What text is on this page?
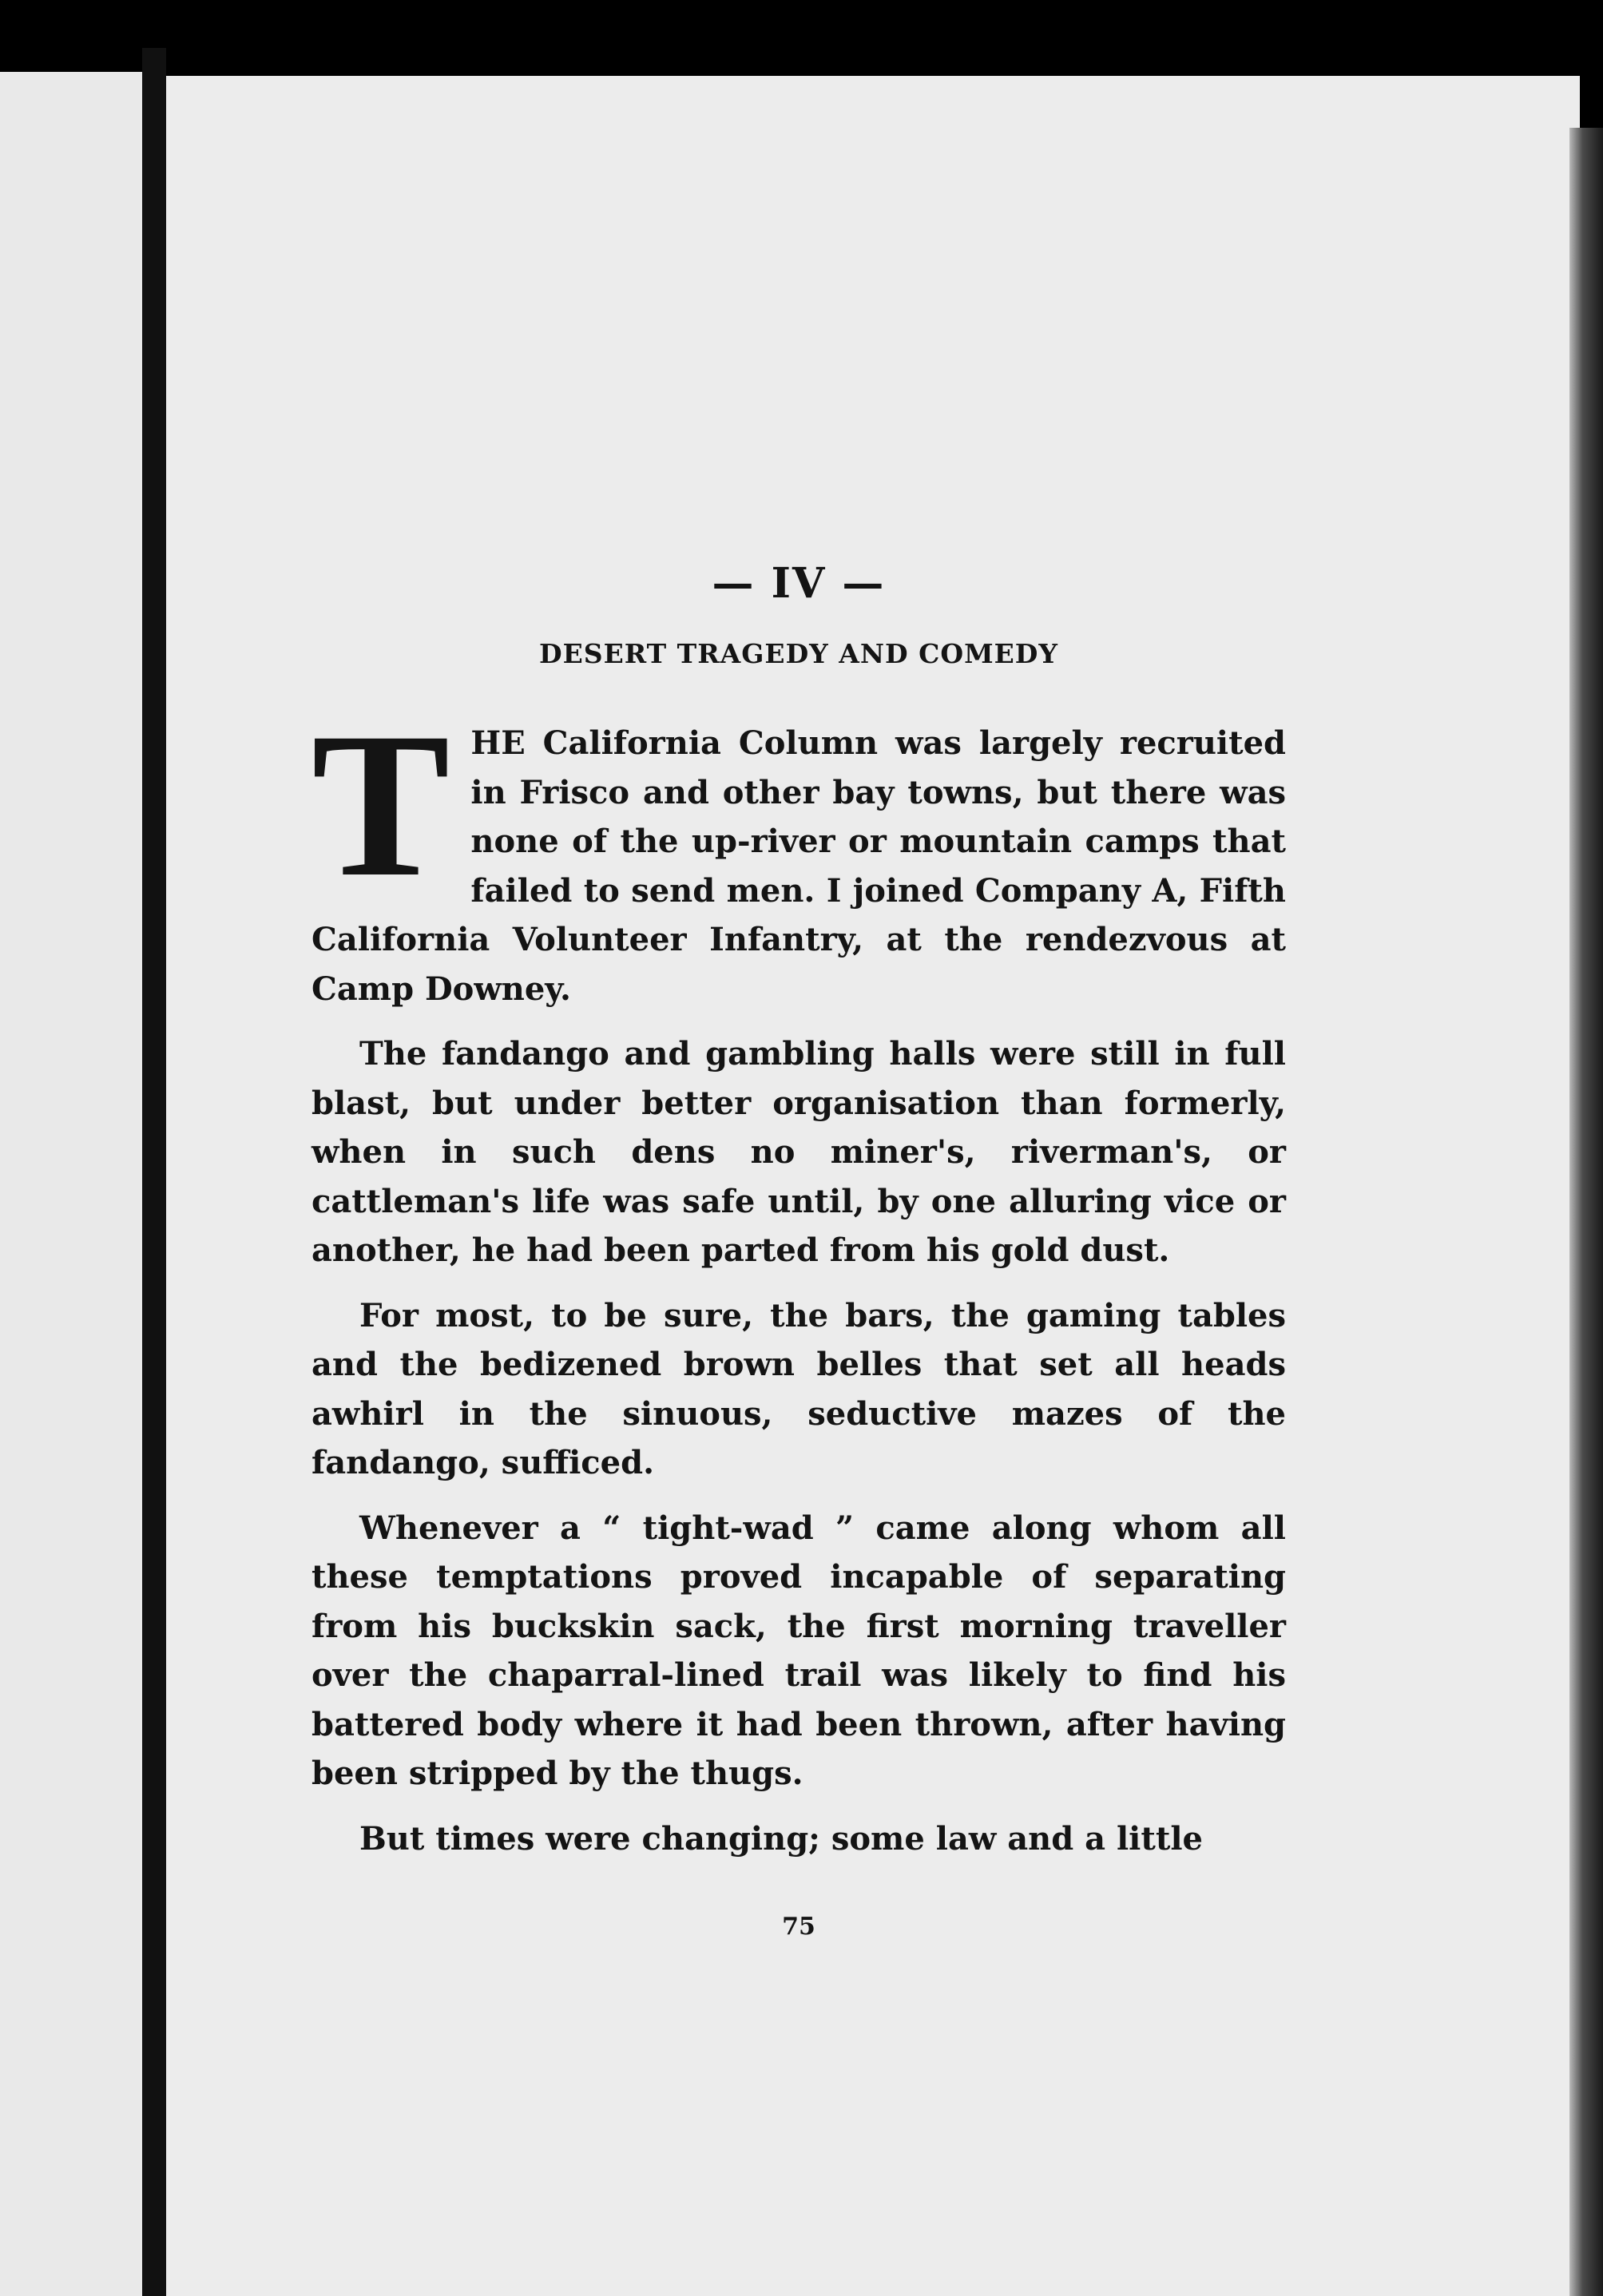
— IV —
DESERT TRAGEDY AND COMEDY

T HE California Column was largely recruited in Frisco and other bay towns, but there was none of the up-river or mountain camps that failed to send men. I joined Company A, Fifth California Volunteer Infantry, at the rendezvous at Camp Downey.

The fandango and gambling halls were still in full blast, but under better organisation than formerly, when in such dens no miner's, riverman's, or cattleman's life was safe until, by one alluring vice or another, he had been parted from his gold dust.

For most, to be sure, the bars, the gaming tables and the bedizened brown belles that set all heads awhirl in the sinuous, seductive mazes of the fandango, sufficed.

Whenever a “ tight-wad ” came along whom all these temptations proved incapable of separating from his buckskin sack, the first morning traveller over the chaparral-lined trail was likely to find his battered body where it had been thrown, after having been stripped by the thugs.

But times were changing; some law and a little

75
